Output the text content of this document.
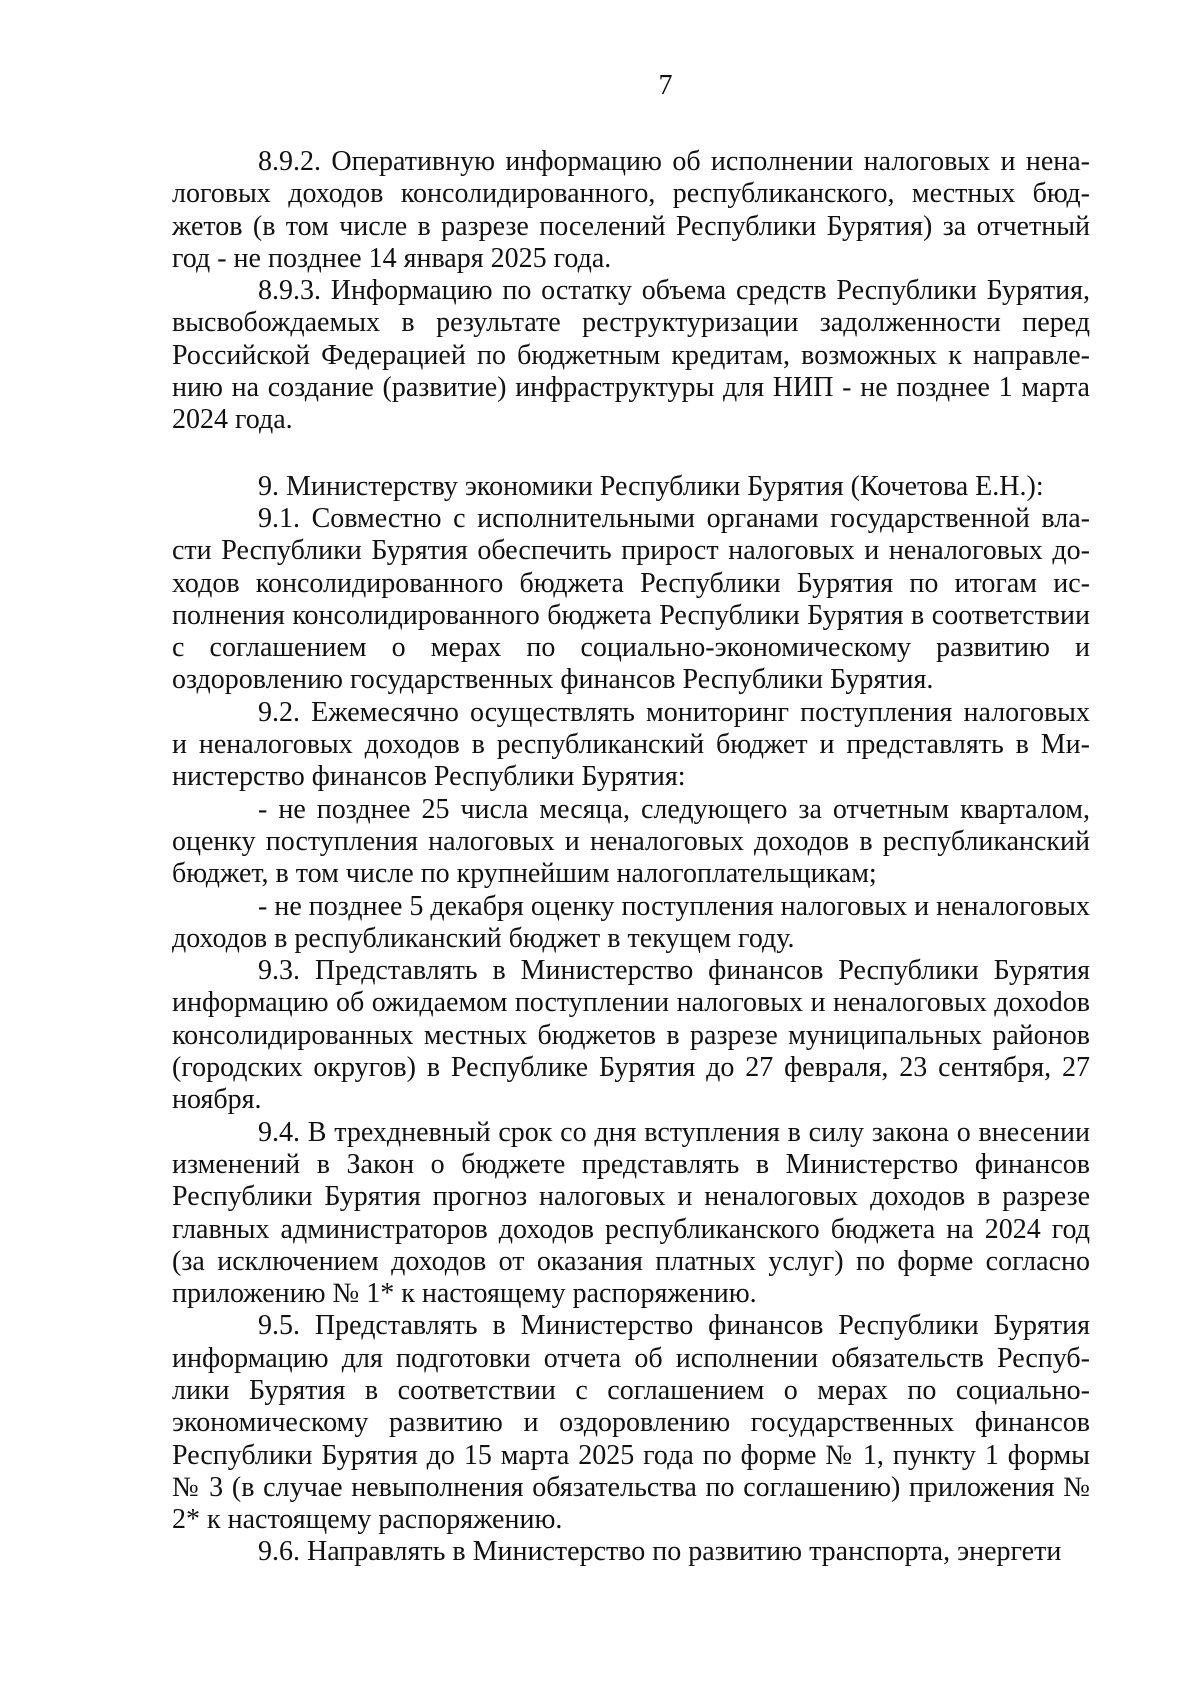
7

8.9.2. Оперативную информацию об исполнении налоговых и неналоговых доходов консолидированного, республиканского, местных бюджетов (в том числе в разрезе поселений Республики Бурятия) за отчетный год - не позднее 14 января 2025 года.

8.9.3. Информацию по остатку объема средств Республики Бурятия, высвобождаемых в результате реструктуризации задолженности перед Российской Федерацией по бюджетным кредитам, возможных к направлению на создание (развитие) инфраструктуры для НИП - не позднее 1 марта 2024 года.

9. Министерству экономики Республики Бурятия (Кочетова Е.Н.):

9.1. Совместно с исполнительными органами государственной власти Республики Бурятия обеспечить прирост налоговых и неналоговых доходов консолидированного бюджета Республики Бурятия по итогам исполнения консолидированного бюджета Республики Бурятия в соответствии с соглашением о мерах по социально-экономическому развитию и оздоровлению государственных финансов Республики Бурятия.

9.2. Ежемесячно осуществлять мониторинг поступления налоговых и неналоговых доходов в республиканский бюджет и представлять в Министерство финансов Республики Бурятия:

- не позднее 25 числа месяца, следующего за отчетным кварталом, оценку поступления налоговых и неналоговых доходов в республиканский бюджет, в том числе по крупнейшим налогоплательщикам;

- не позднее 5 декабря оценку поступления налоговых и неналоговых доходов в республиканский бюджет в текущем году.

9.3. Представлять в Министерство финансов Республики Бурятия информацию об ожидаемом поступлении налоговых и неналоговых дохоdов консолидированных местных бюджетов в разрезе муниципальных районов (городских округов) в Республике Бурятия до 27 февраля, 23 сентября, 27 ноября.

9.4. В трехдневный срок со дня вступления в силу закона о внесении изменений в Закон о бюджете представлять в Министерство финансов Республики Бурятия прогноз налоговых и неналоговых доходов в разрезе главных администраторов доходов республиканского бюджета на 2024 год (за исключением доходов от оказания платных услуг) по форме согласно приложению № 1* к настоящему распоряжению.

9.5. Представлять в Министерство финансов Республики Бурятия информацию для подготовки отчета об исполнении обязательств Республики Бурятия в соответствии с соглашением о мерах по социально-экономическому развитию и оздоровлению государственных финансов Республики Бурятия до 15 марта 2025 года по форме № 1, пункту 1 формы № 3 (в случае невыполнения обязательства по соглашению) приложения № 2* к настоящему распоряжению.

9.6. Направлять в Министерство по развитию транспорта, энергети
